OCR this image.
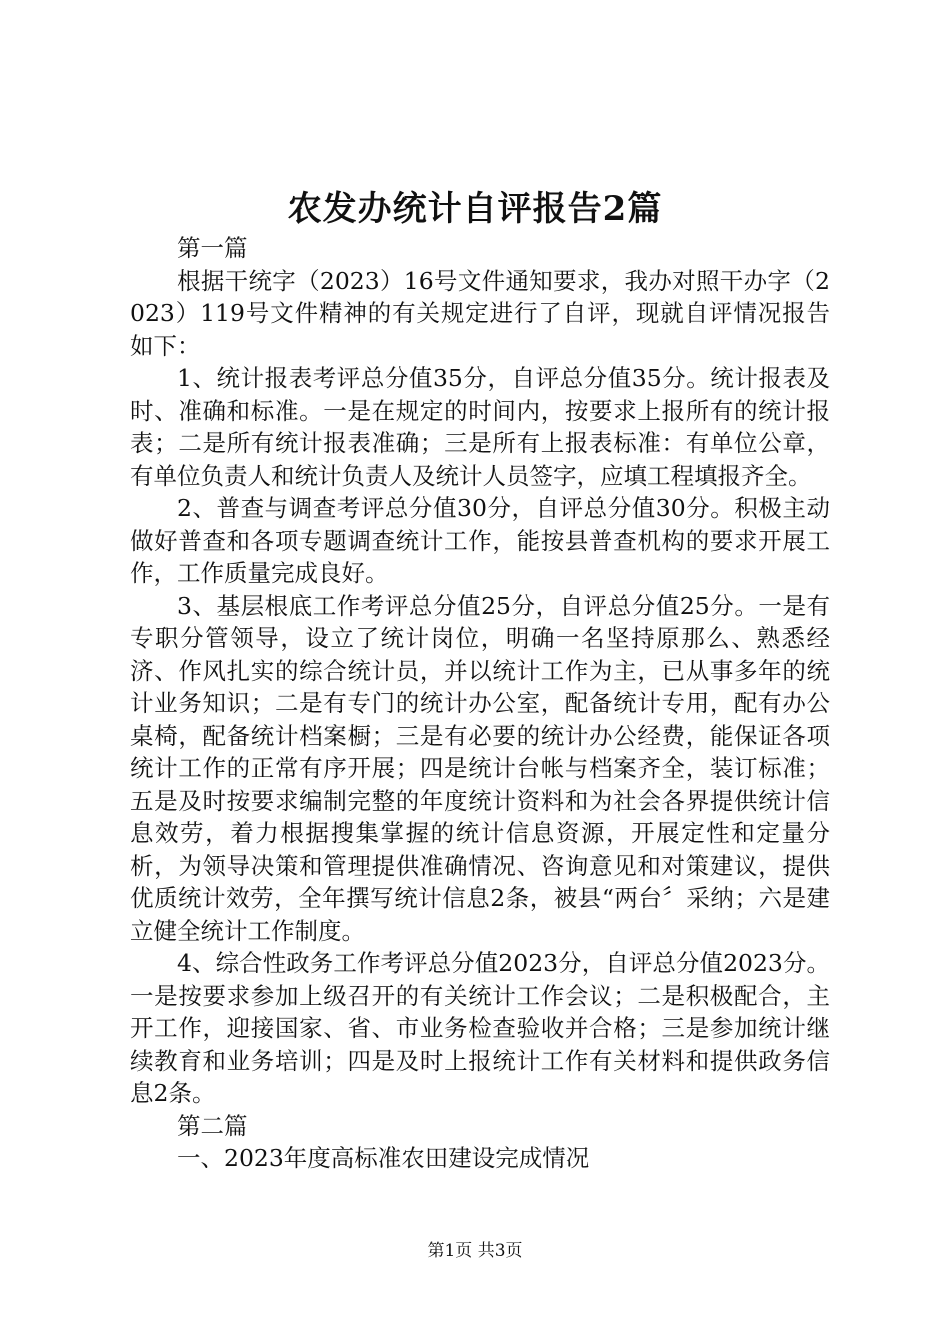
农发办统计自评报告2篇

第一篇

根据干统字（2023）16号文件通知要求，我办对照干办字（2023）119号文件精神的有关规定进行了自评，现就自评情况报告如下：

1、统计报表考评总分值35分，自评总分值35分。统计报表及时、准确和标准。一是在规定的时间内，按要求上报所有的统计报表；二是所有统计报表准确；三是所有上报表标准：有单位公章，有单位负责人和统计负责人及统计人员签字，应填工程填报齐全。

2、普查与调查考评总分值30分，自评总分值30分。积极主动做好普查和各项专题调查统计工作，能按县普查机构的要求开展工作，工作质量完成良好。

3、基层根底工作考评总分值25分，自评总分值25分。一是有专职分管领导，设立了统计岗位，明确一名坚持原那么、熟悉经济、作风扎实的综合统计员，并以统计工作为主，已从事多年的统计业务知识；二是有专门的统计办公室，配备统计专用，配有办公桌椅，配备统计档案橱；三是有必要的统计办公经费，能保证各项统计工作的正常有序开展；四是统计台帐与档案齐全，装订标准；五是及时按要求编制完整的年度统计资料和为社会各界提供统计信息效劳，着力根据搜集掌握的统计信息资源，开展定性和定量分析，为领导决策和管理提供准确情况、咨询意见和对策建议，提供优质统计效劳，全年撰写统计信息2条，被县“两台〞采纳；六是建立健全统计工作制度。

4、综合性政务工作考评总分值2023分，自评总分值2023分。一是按要求参加上级召开的有关统计工作会议；二是积极配合，主开工作，迎接国家、省、市业务检查验收并合格；三是参加统计继续教育和业务培训；四是及时上报统计工作有关材料和提供政务信息2条。

第二篇

一、2023年度高标准农田建设完成情况

第1页 共3页
